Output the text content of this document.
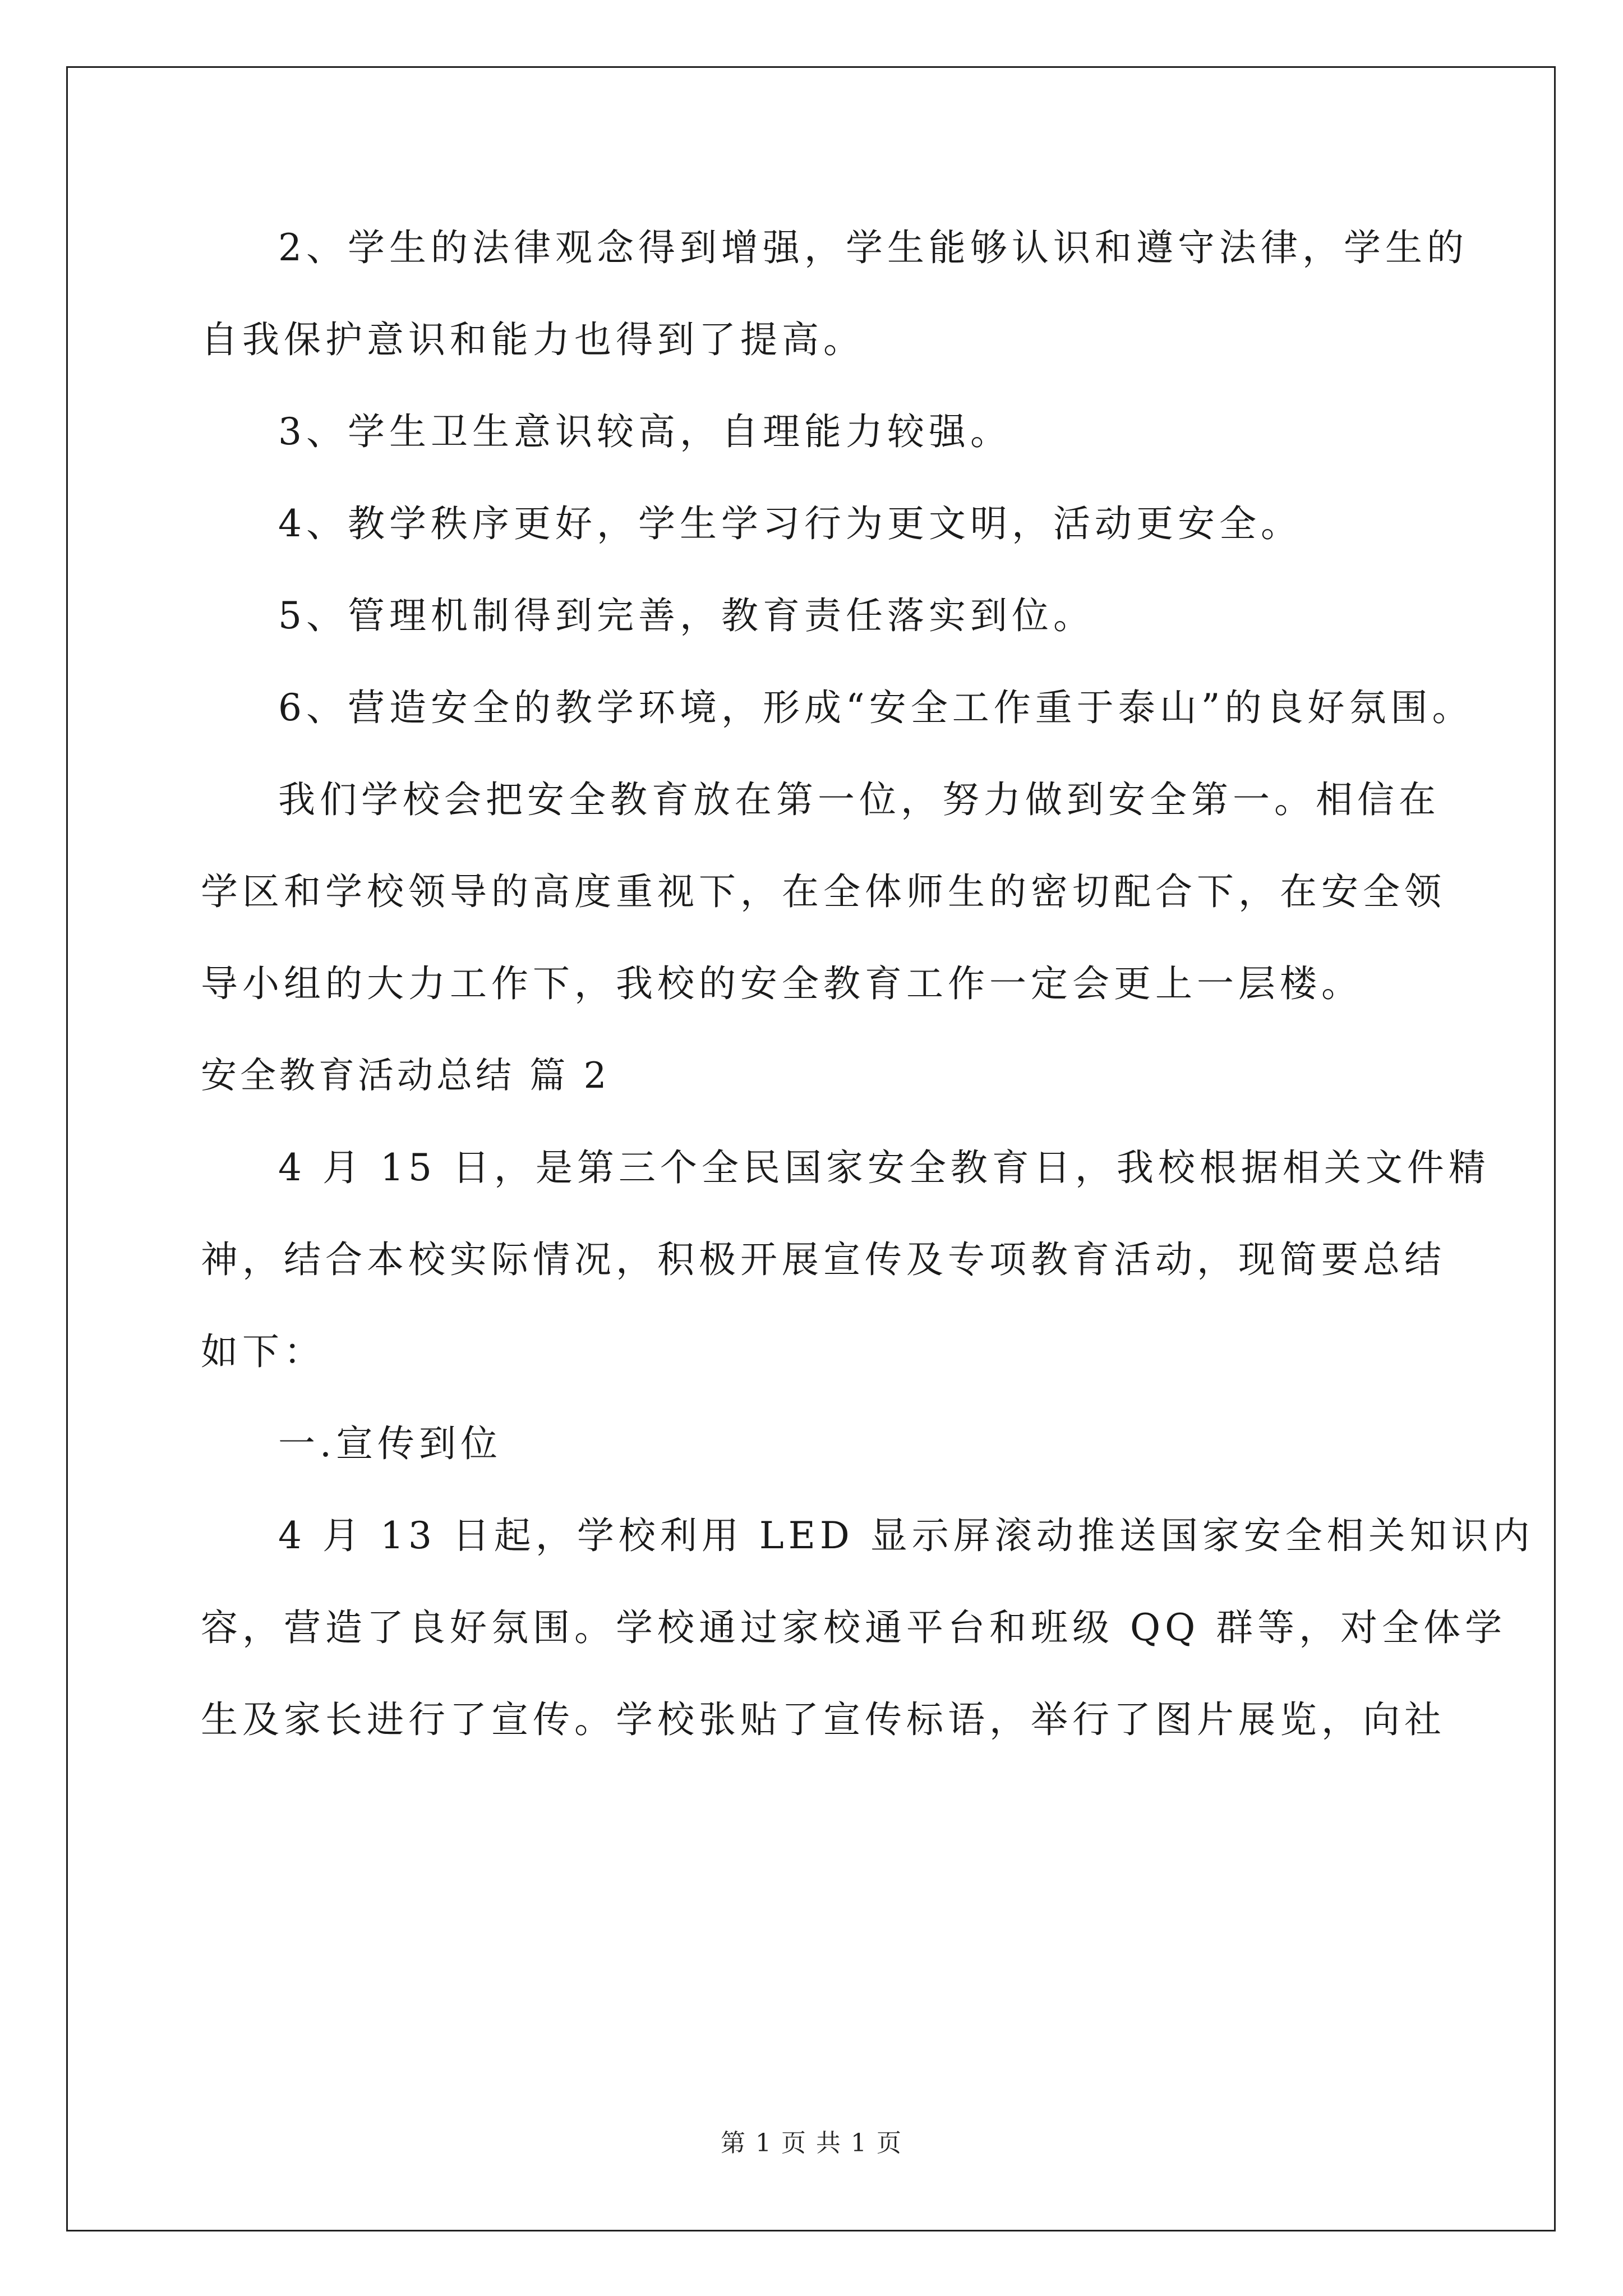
2、学生的法律观念得到增强，学生能够认识和遵守法律，学生的

自我保护意识和能力也得到了提高。

3、学生卫生意识较高，自理能力较强。

4、教学秩序更好，学生学习行为更文明，活动更安全。

5、管理机制得到完善，教育责任落实到位。

6、营造安全的教学环境，形成“安全工作重于泰山”的良好氛围。

我们学校会把安全教育放在第一位，努力做到安全第一。相信在

学区和学校领导的高度重视下，在全体师生的密切配合下，在安全领

导小组的大力工作下，我校的安全教育工作一定会更上一层楼。

安全教育活动总结 篇 2

4 月 15 日，是第三个全民国家安全教育日，我校根据相关文件精

神，结合本校实际情况，积极开展宣传及专项教育活动，现简要总结

如下：

一.宣传到位

4 月 13 日起，学校利用 LED 显示屏滚动推送国家安全相关知识内

容，营造了良好氛围。学校通过家校通平台和班级 QQ 群等，对全体学

生及家长进行了宣传。学校张贴了宣传标语，举行了图片展览，向社

第 1 页 共 1 页
